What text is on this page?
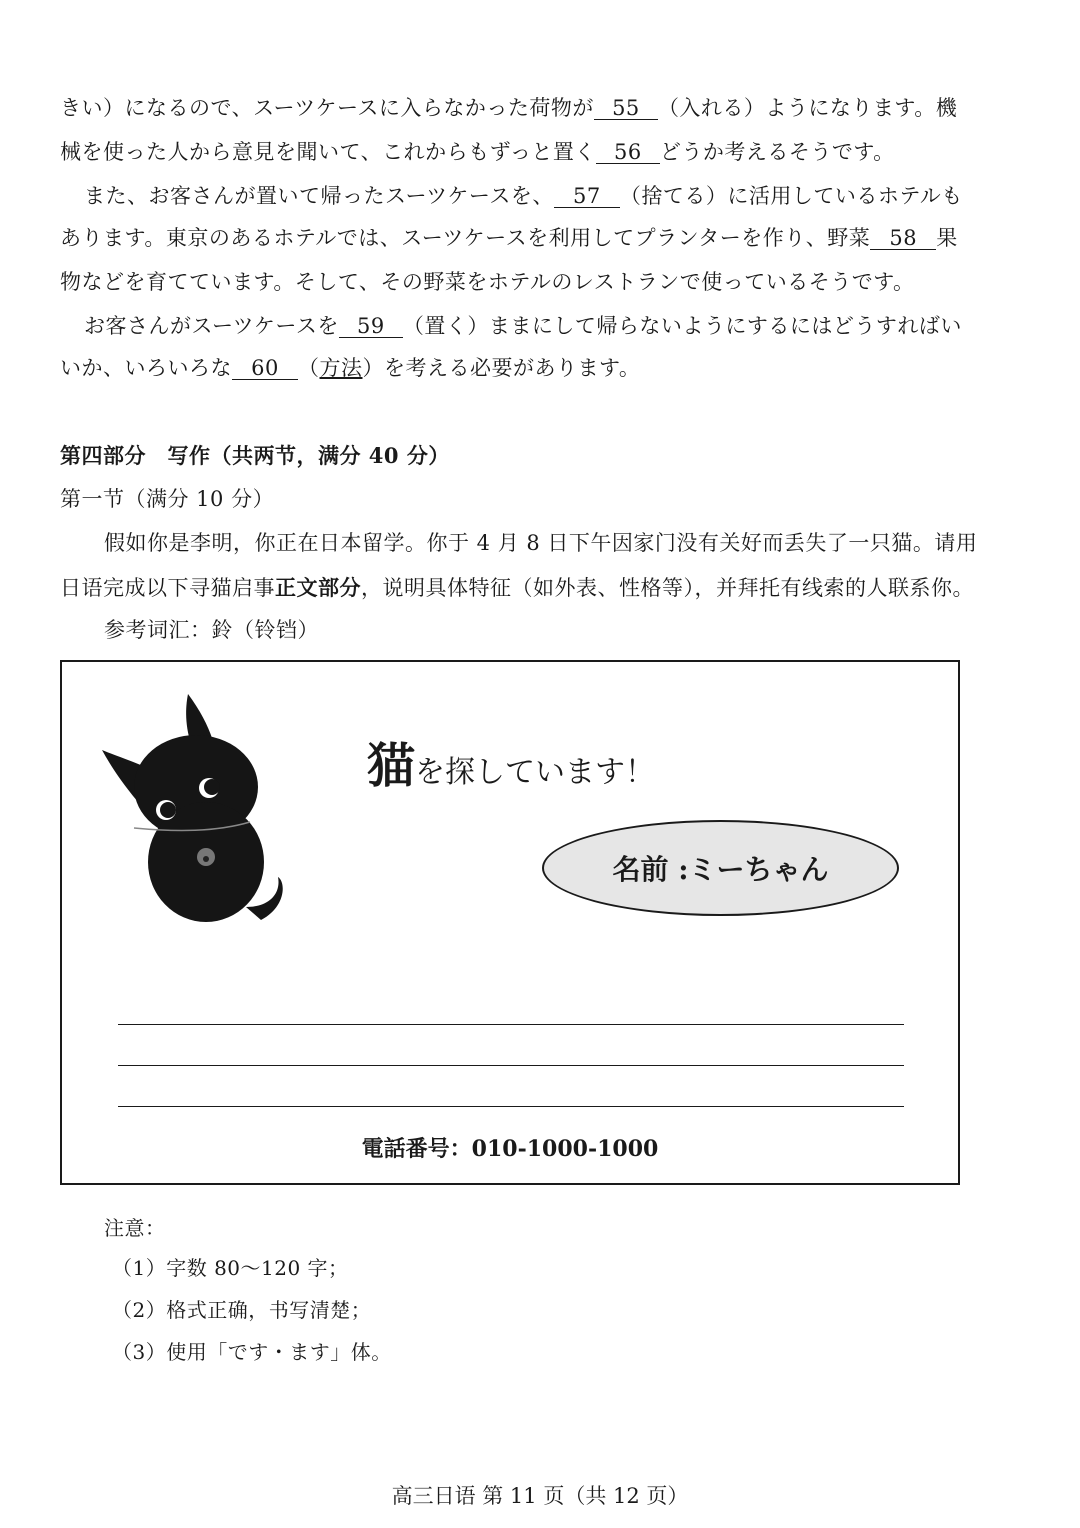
きい）になるので、スーツケースに入らなかった荷物が 55 （入れる）ようになります。機
械を使った人から意見を聞いて、これからもずっと置く 56 どうか考えるそうです。
また、お客さんが置いて帰ったスーツケースを、 57 （捨てる）に活用しているホテルも
あります。東京のあるホテルでは、スーツケースを利用してプランターを作り、野菜 58 果
物などを育てています。そして、その野菜をホテルのレストランで使っているそうです。
お客さんがスーツケースを 59 （置く）ままにして帰らないようにするにはどうすればい
いか、いろいろな 60 （方法）を考える必要があります。
第四部分　写作（共两节，满分 40 分）
第一节（满分 10 分）
假如你是李明，你正在日本留学。你于 4 月 8 日下午因家门没有关好而丢失了一只猫。请用
日语完成以下寻猫启事正文部分，说明具体特征（如外表、性格等），并拜托有线索的人联系你。
参考词汇：鈴（铃铛）
猫を探しています！
名前 :ミーちゃん
電話番号：010-1000-1000
注意：
（1）字数 80～120 字；
（2）格式正确，书写清楚；
（3）使用「です・ます」体。
高三日语 第 11 页（共 12 页）
